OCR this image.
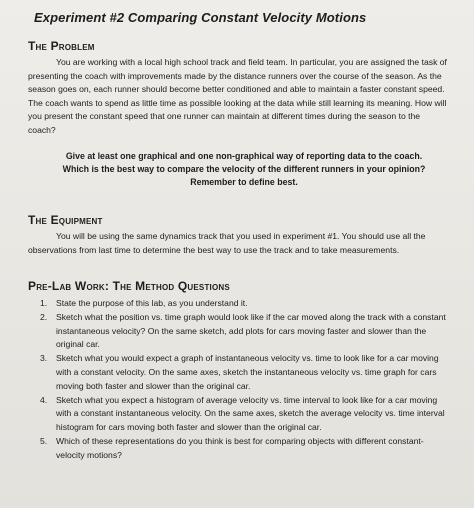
Experiment #2 Comparing Constant Velocity Motions
The Problem

You are working with a local high school track and field team. In particular, you are assigned the task of presenting the coach with improvements made by the distance runners over the course of the season. As the season goes on, each runner should become better conditioned and able to maintain a faster constant speed. The coach wants to spend as little time as possible looking at the data while still learning its meaning. How will you present the constant speed that one runner can maintain at different times during the season to the coach?

Give at least one graphical and one non-graphical way of reporting data to the coach.
Which is the best way to compare the velocity of the different runners in your opinion?
Remember to define best.
The Equipment

You will be using the same dynamics track that you used in experiment #1. You should use all the observations from last time to determine the best way to use the track and to take measurements.

Pre-Lab Work: The Method Questions
1.	State the purpose of this lab, as you understand it.
2.	Sketch what the position vs. time graph would look like if the car moved along the track with a constant instantaneous velocity? On the same sketch, add plots for cars moving faster and slower than the original car.
3.	Sketch what you would expect a graph of instantaneous velocity vs. time to look like for a car moving with a constant velocity. On the same axes, sketch the instantaneous velocity vs. time graph for cars moving both faster and slower than the original car.
4.	Sketch what you expect a histogram of average velocity vs. time interval to look like for a car moving with a constant instantaneous velocity. On the same axes, sketch the average velocity vs. time interval histogram for cars moving both faster and slower than the original car.
5.	Which of these representations do you think is best for comparing objects with different constant-velocity motions?
